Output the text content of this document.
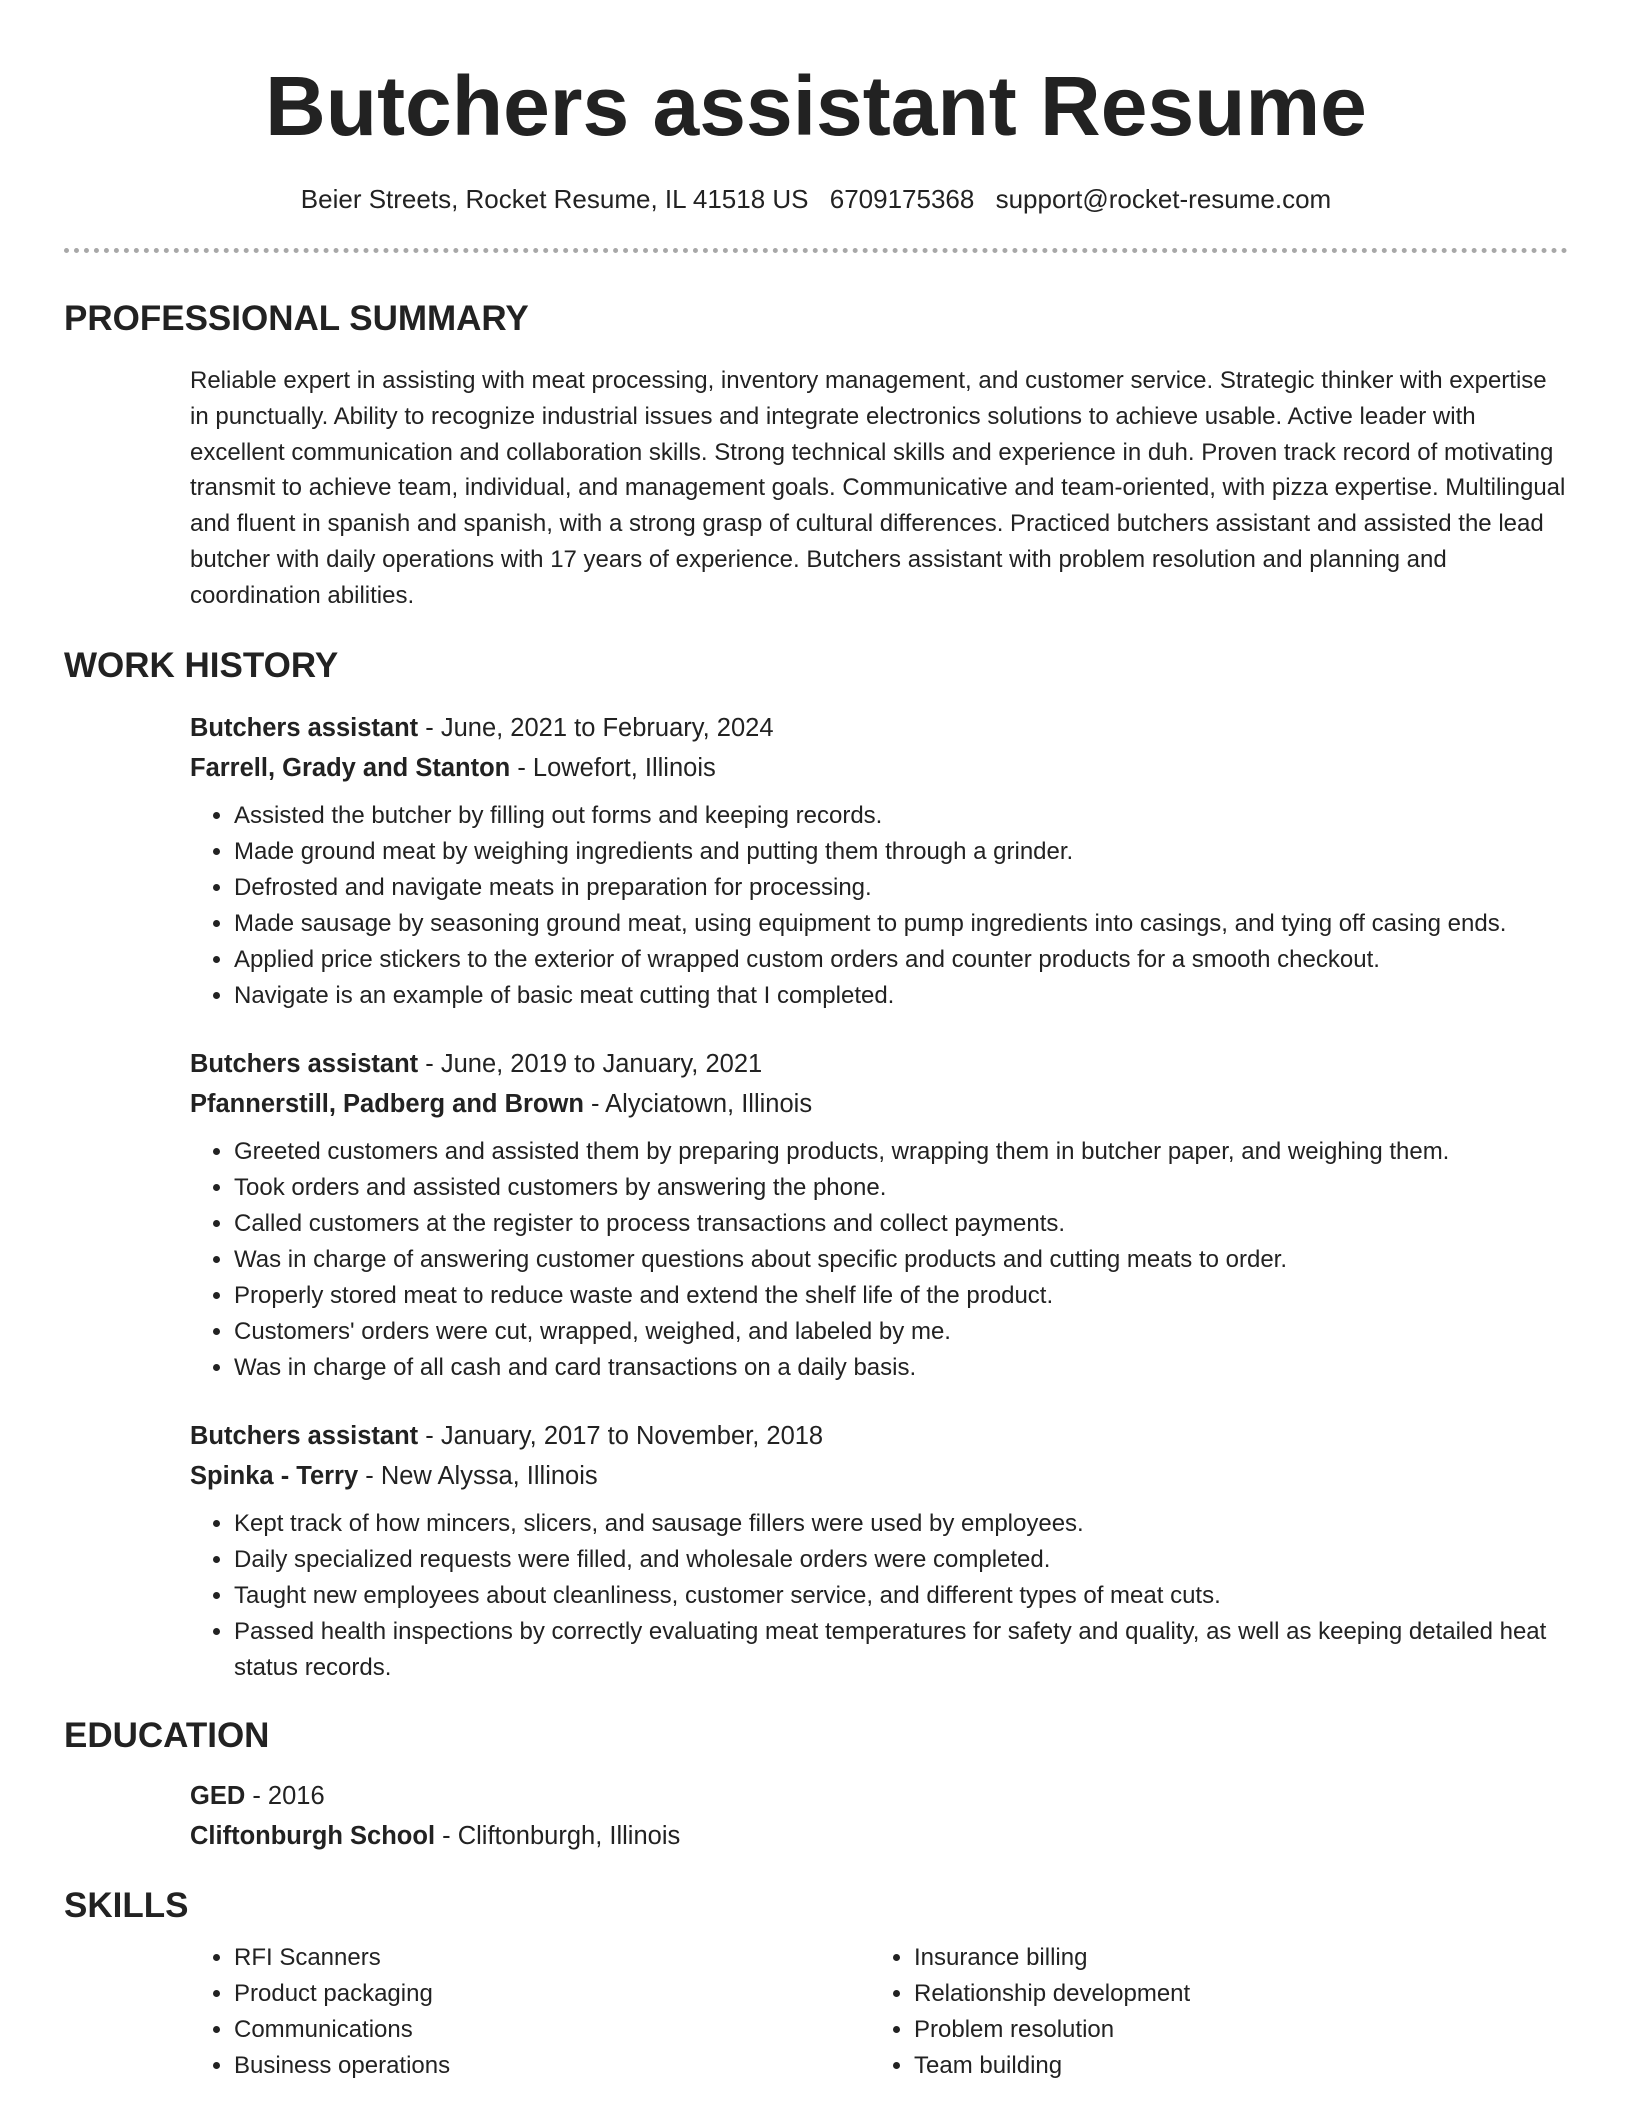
Butchers assistant Resume
Beier Streets, Rocket Resume, IL 41518 US 6709175368 support@rocket-resume.com
PROFESSIONAL SUMMARY
Reliable expert in assisting with meat processing, inventory management, and customer service. Strategic thinker with expertise in punctually. Ability to recognize industrial issues and integrate electronics solutions to achieve usable. Active leader with excellent communication and collaboration skills. Strong technical skills and experience in duh. Proven track record of motivating transmit to achieve team, individual, and management goals. Communicative and team-oriented, with pizza expertise. Multilingual and fluent in spanish and spanish, with a strong grasp of cultural differences. Practiced butchers assistant and assisted the lead butcher with daily operations with 17 years of experience. Butchers assistant with problem resolution and planning and coordination abilities.
WORK HISTORY
Butchers assistant - June, 2021 to February, 2024
Farrell, Grady and Stanton - Lowefort, Illinois
• Assisted the butcher by filling out forms and keeping records.
• Made ground meat by weighing ingredients and putting them through a grinder.
• Defrosted and navigate meats in preparation for processing.
• Made sausage by seasoning ground meat, using equipment to pump ingredients into casings, and tying off casing ends.
• Applied price stickers to the exterior of wrapped custom orders and counter products for a smooth checkout.
• Navigate is an example of basic meat cutting that I completed.
Butchers assistant - June, 2019 to January, 2021
Pfannerstill, Padberg and Brown - Alyciatown, Illinois
• Greeted customers and assisted them by preparing products, wrapping them in butcher paper, and weighing them.
• Took orders and assisted customers by answering the phone.
• Called customers at the register to process transactions and collect payments.
• Was in charge of answering customer questions about specific products and cutting meats to order.
• Properly stored meat to reduce waste and extend the shelf life of the product.
• Customers' orders were cut, wrapped, weighed, and labeled by me.
• Was in charge of all cash and card transactions on a daily basis.
Butchers assistant - January, 2017 to November, 2018
Spinka - Terry - New Alyssa, Illinois
• Kept track of how mincers, slicers, and sausage fillers were used by employees.
• Daily specialized requests were filled, and wholesale orders were completed.
• Taught new employees about cleanliness, customer service, and different types of meat cuts.
• Passed health inspections by correctly evaluating meat temperatures for safety and quality, as well as keeping detailed heat status records.
EDUCATION
GED - 2016
Cliftonburgh School - Cliftonburgh, Illinois
SKILLS
• RFI Scanners
• Product packaging
• Communications
• Business operations
• Insurance billing
• Relationship development
• Problem resolution
• Team building
